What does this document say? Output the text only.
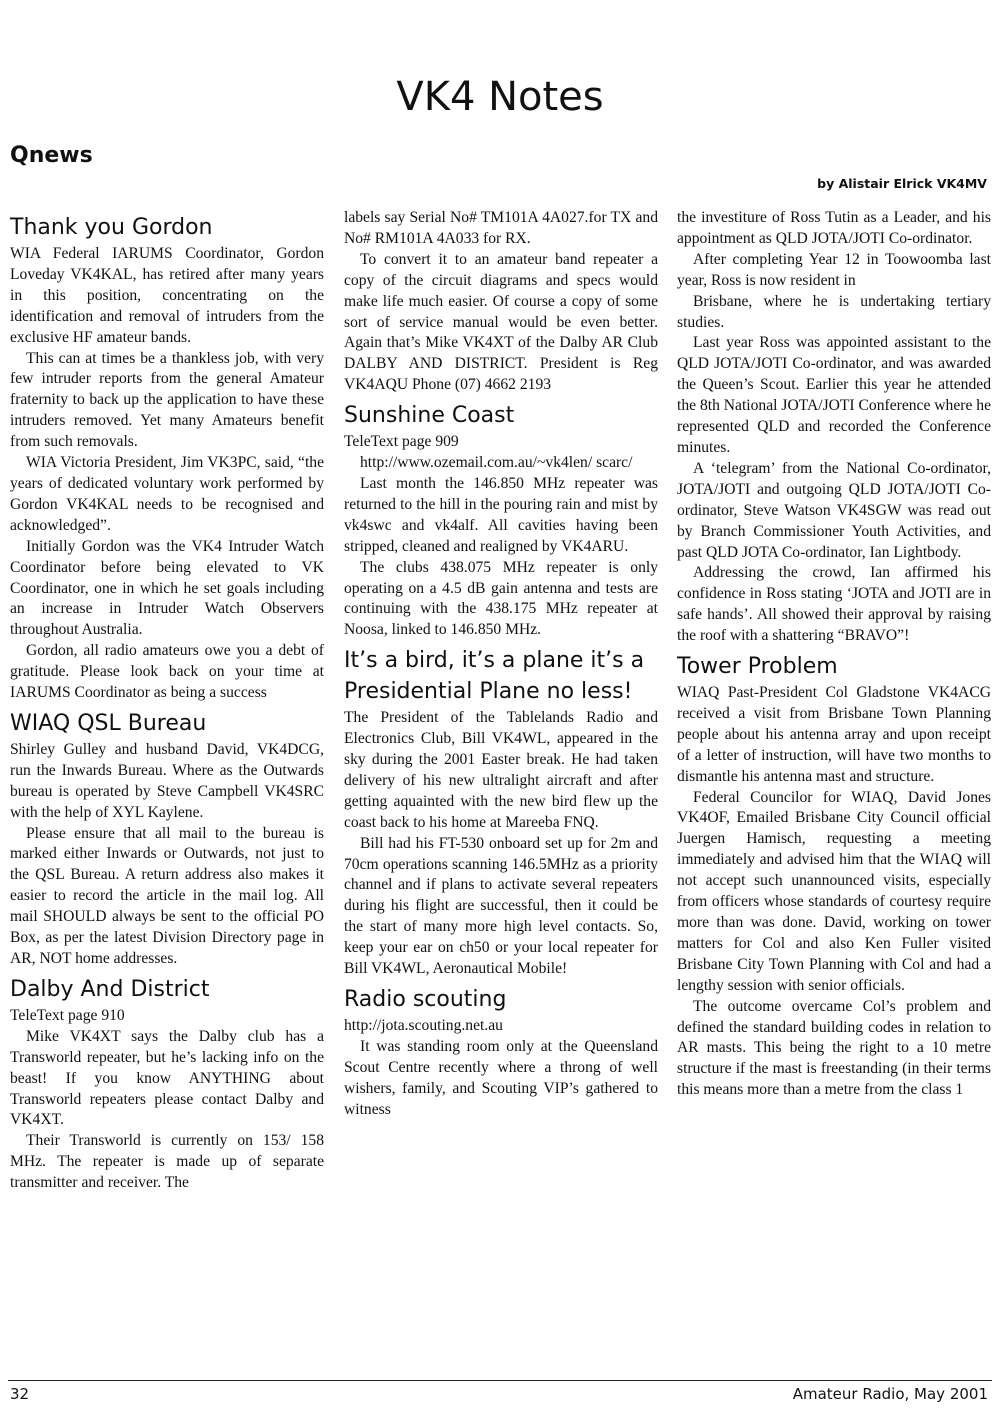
VK4 Notes
Qnews
by Alistair Elrick VK4MV
Thank you Gordon

WIA Federal IARUMS Coordinator, Gordon Loveday VK4KAL, has retired after many years in this position, concentrating on the identification and removal of intruders from the exclusive HF amateur bands.

This can at times be a thankless job, with very few intruder reports from the general Amateur fraternity to back up the application to have these intruders removed. Yet many Amateurs benefit from such removals.

WIA Victoria President, Jim VK3PC, said, “the years of dedicated voluntary work performed by Gordon VK4KAL needs to be recognised and acknowledged”.

Initially Gordon was the VK4 Intruder Watch Coordinator before being elevated to VK Coordinator, one in which he set goals including an increase in Intruder Watch Observers throughout Australia.

Gordon, all radio amateurs owe you a debt of gratitude. Please look back on your time at IARUMS Coordinator as being a success

WIAQ QSL Bureau

Shirley Gulley and husband David, VK4DCG, run the Inwards Bureau. Where as the Outwards bureau is operated by Steve Campbell VK4SRC with the help of XYL Kaylene.

Please ensure that all mail to the bureau is marked either Inwards or Outwards, not just to the QSL Bureau. A return address also makes it easier to record the article in the mail log. All mail SHOULD always be sent to the official PO Box, as per the latest Division Directory page in AR, NOT home addresses.

Dalby And District

TeleText page 910

Mike VK4XT says the Dalby club has a Transworld repeater, but he’s lacking info on the beast! If you know ANYTHING about Transworld repeaters please contact Dalby and VK4XT.

Their Transworld is currently on 153/ 158 MHz. The repeater is made up of separate transmitter and receiver. The

labels say Serial No# TM101A 4A027.for TX and No# RM101A 4A033 for RX.

To convert it to an amateur band repeater a copy of the circuit diagrams and specs would make life much easier. Of course a copy of some sort of service manual would be even better. Again that’s Mike VK4XT of the Dalby AR Club DALBY AND DISTRICT. President is Reg VK4AQU Phone (07) 4662 2193

Sunshine Coast

TeleText page 909

http://www.ozemail.com.au/~vk4len/ scarc/

Last month the 146.850 MHz repeater was returned to the hill in the pouring rain and mist by vk4swc and vk4alf. All cavities having been stripped, cleaned and realigned by VK4ARU.

The clubs 438.075 MHz repeater is only operating on a 4.5 dB gain antenna and tests are continuing with the 438.175 MHz repeater at Noosa, linked to 146.850 MHz.

It’s a bird, it’s a plane it’s a Presidential Plane no less!

The President of the Tablelands Radio and Electronics Club, Bill VK4WL, appeared in the sky during the 2001 Easter break. He had taken delivery of his new ultralight aircraft and after getting aquainted with the new bird flew up the coast back to his home at Mareeba FNQ.

Bill had his FT-530 onboard set up for 2m and 70cm operations scanning 146.5MHz as a priority channel and if plans to activate several repeaters during his flight are successful, then it could be the start of many more high level contacts. So, keep your ear on ch50 or your local repeater for Bill VK4WL, Aeronautical Mobile!

Radio scouting

http://jota.scouting.net.au

It was standing room only at the Queensland Scout Centre recently where a throng of well wishers, family, and Scouting VIP’s gathered to witness

the investiture of Ross Tutin as a Leader, and his appointment as QLD JOTA/JOTI Co-ordinator.

After completing Year 12 in Toowoomba last year, Ross is now resident in

Brisbane, where he is undertaking tertiary studies.

Last year Ross was appointed assistant to the QLD JOTA/JOTI Co-ordinator, and was awarded the Queen’s Scout. Earlier this year he attended the 8th National JOTA/JOTI Conference where he represented QLD and recorded the Conference minutes.

A ‘telegram’ from the National Co-ordinator, JOTA/JOTI and outgoing QLD JOTA/JOTI Co-ordinator, Steve Watson VK4SGW was read out by Branch Commissioner Youth Activities, and past QLD JOTA Co-ordinator, Ian Lightbody.

Addressing the crowd, Ian affirmed his confidence in Ross stating ‘JOTA and JOTI are in safe hands’. All showed their approval by raising the roof with a shattering “BRAVO”!

Tower Problem

WIAQ Past-President Col Gladstone VK4ACG received a visit from Brisbane Town Planning people about his antenna array and upon receipt of a letter of instruction, will have two months to dismantle his antenna mast and structure.

Federal Councilor for WIAQ, David Jones VK4OF, Emailed Brisbane City Council official Juergen Hamisch, requesting a meeting immediately and advised him that the WIAQ will not accept such unannounced visits, especially from officers whose standards of courtesy require more than was done. David, working on tower matters for Col and also Ken Fuller visited Brisbane City Town Planning with Col and had a lengthy session with senior officials.

The outcome overcame Col’s problem and defined the standard building codes in relation to AR masts. This being the right to a 10 metre structure if the mast is freestanding (in their terms this means more than a metre from the class 1

32	Amateur Radio, May 2001
